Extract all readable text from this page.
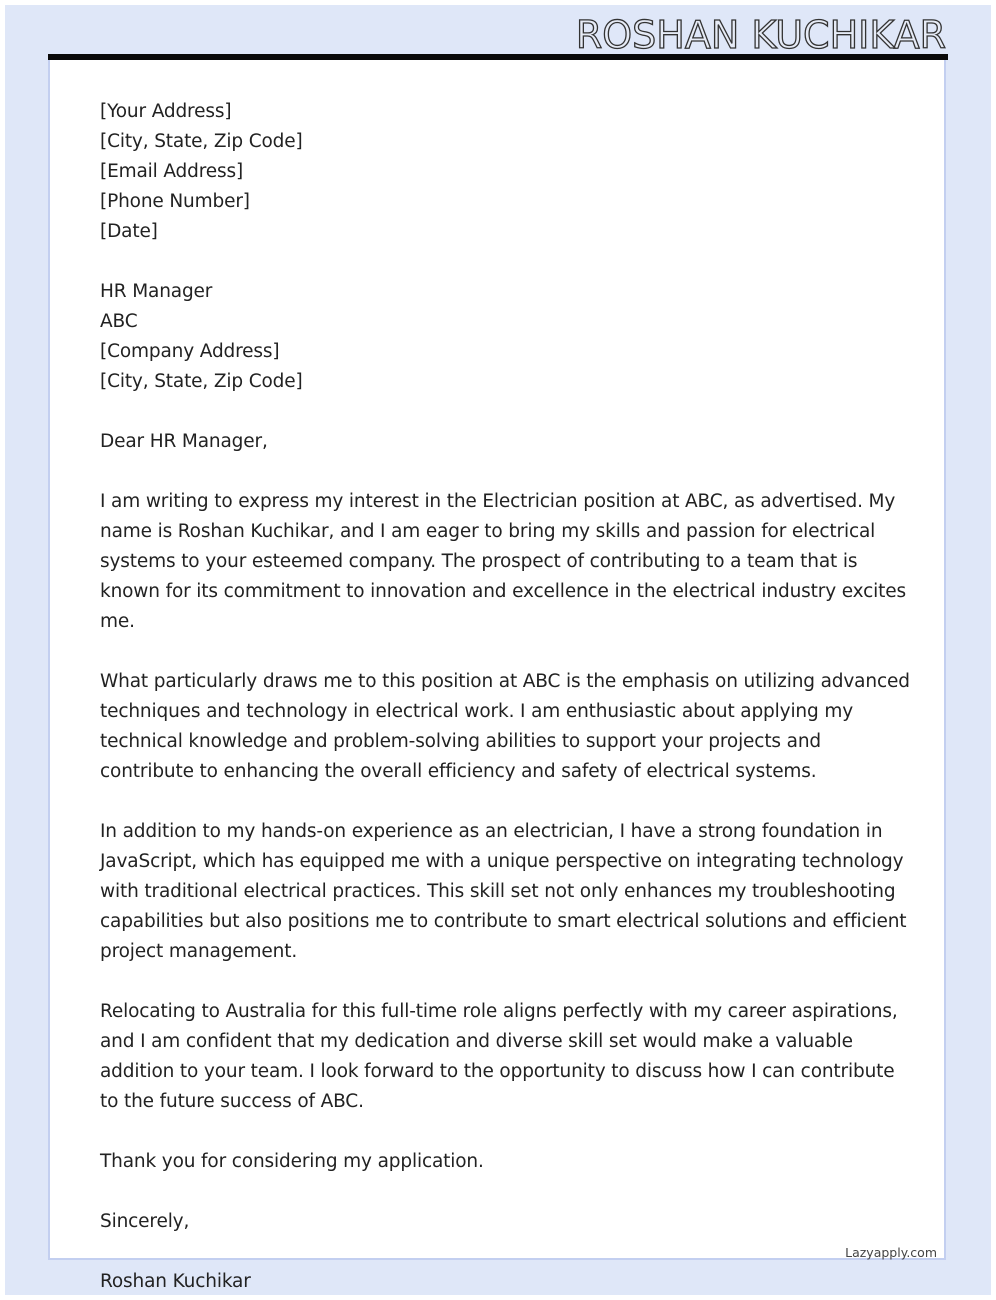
ROSHAN KUCHIKAR
[Your Address]
[City, State, Zip Code]
[Email Address]
[Phone Number]
[Date]
HR Manager
ABC
[Company Address]
[City, State, Zip Code]
Dear HR Manager,
I am writing to express my interest in the Electrician position at ABC, as advertised. My
name is Roshan Kuchikar, and I am eager to bring my skills and passion for electrical
systems to your esteemed company. The prospect of contributing to a team that is
known for its commitment to innovation and excellence in the electrical industry excites
me.
What particularly draws me to this position at ABC is the emphasis on utilizing advanced
techniques and technology in electrical work. I am enthusiastic about applying my
technical knowledge and problem-solving abilities to support your projects and
contribute to enhancing the overall efficiency and safety of electrical systems.
In addition to my hands-on experience as an electrician, I have a strong foundation in
JavaScript, which has equipped me with a unique perspective on integrating technology
with traditional electrical practices. This skill set not only enhances my troubleshooting
capabilities but also positions me to contribute to smart electrical solutions and efficient
project management.
Relocating to Australia for this full-time role aligns perfectly with my career aspirations,
and I am confident that my dedication and diverse skill set would make a valuable
addition to your team. I look forward to the opportunity to discuss how I can contribute
to the future success of ABC.
Thank you for considering my application.
Sincerely,
Lazyapply.com
Roshan Kuchikar
